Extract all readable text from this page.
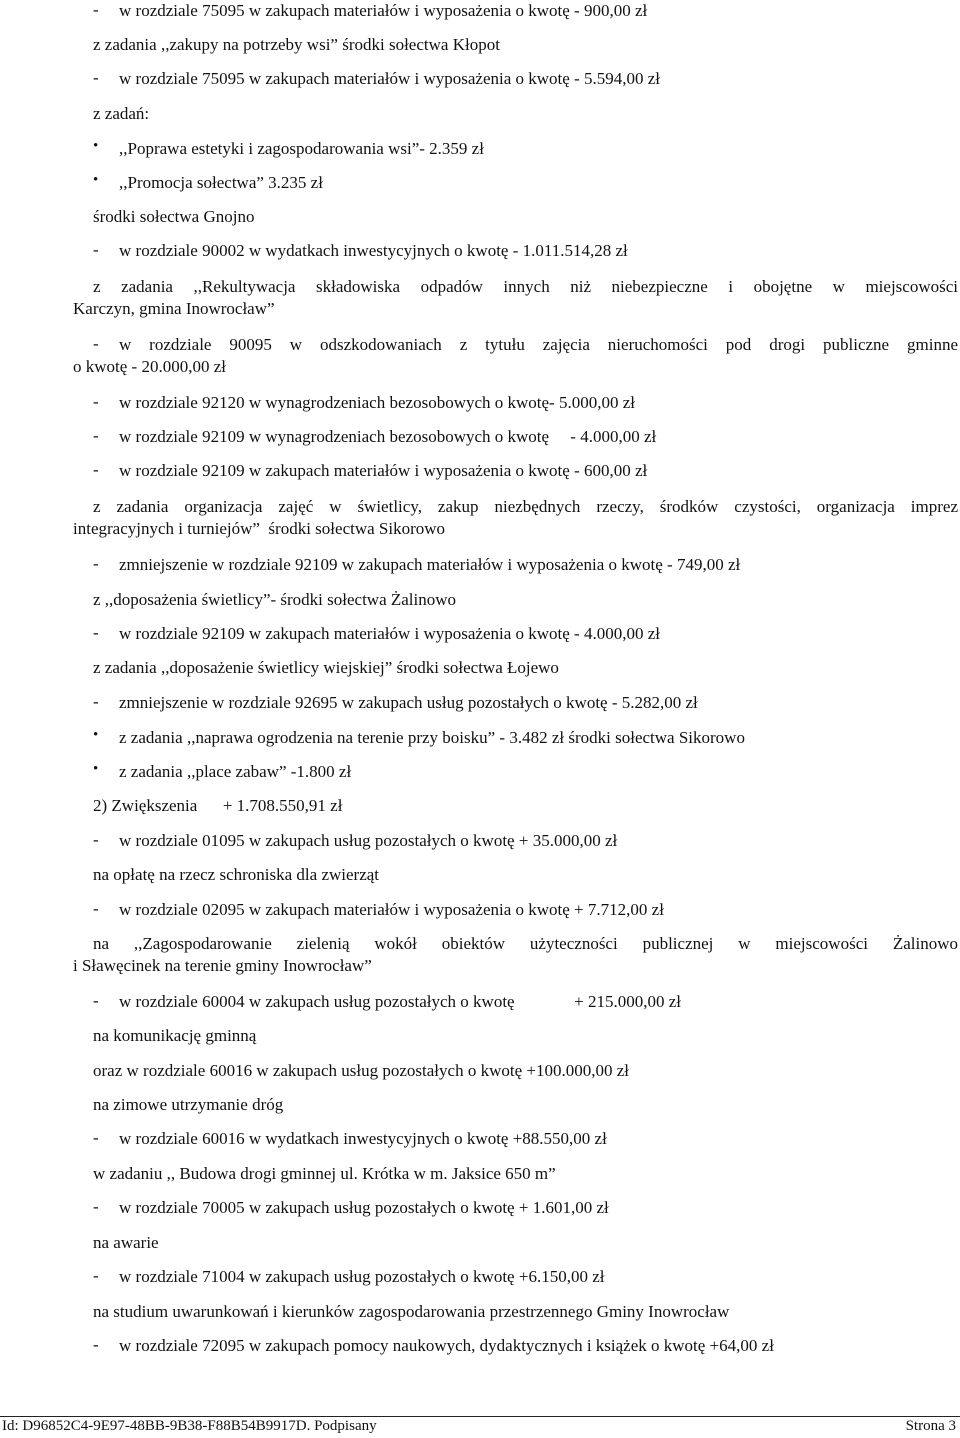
- w rozdziale 75095 w zakupach materiałów i wyposażenia o kwotę - 900,00 zł

z zadania ,,zakupy na potrzeby wsi” środki sołectwa Kłopot

- w rozdziale 75095 w zakupach materiałów i wyposażenia o kwotę - 5.594,00 zł

z zadań:

• ,,Poprawa estetyki i zagospodarowania wsi”- 2.359 zł

• ,,Promocja sołectwa” 3.235 zł

środki sołectwa Gnojno

- w rozdziale 90002 w wydatkach inwestycyjnych o kwotę - 1.011.514,28 zł

z zadania ,,Rekultywacja składowiska odpadów innych niż niebezpieczne i obojętne w miejscowości

Karczyn, gmina Inowrocław”

- w rozdziale 90095 w odszkodowaniach z tytułu zajęcia nieruchomości pod drogi publiczne gminne

o kwotę - 20.000,00 zł

- w rozdziale 92120 w wynagrodzeniach bezosobowych o kwotę- 5.000,00 zł

- w rozdziale 92109 w wynagrodzeniach bezosobowych o kwotę     - 4.000,00 zł

- w rozdziale 92109 w zakupach materiałów i wyposażenia o kwotę - 600,00 zł

z zadania organizacja zajęć w świetlicy, zakup niezbędnych rzeczy, środków czystości, organizacja imprez

integracyjnych i turniejów”  środki sołectwa Sikorowo

- zmniejszenie w rozdziale 92109 w zakupach materiałów i wyposażenia o kwotę - 749,00 zł

z ,,doposażenia świetlicy”- środki sołectwa Żalinowo

- w rozdziale 92109 w zakupach materiałów i wyposażenia o kwotę - 4.000,00 zł

z zadania ,,doposażenie świetlicy wiejskiej” środki sołectwa Łojewo

- zmniejszenie w rozdziale 92695 w zakupach usług pozostałych o kwotę - 5.282,00 zł

• z zadania ,,naprawa ogrodzenia na terenie przy boisku” - 3.482 zł środki sołectwa Sikorowo

• z zadania ,,place zabaw” -1.800 zł

2) Zwiększenia      + 1.708.550,91 zł

- w rozdziale 01095 w zakupach usług pozostałych o kwotę + 35.000,00 zł

na opłatę na rzecz schroniska dla zwierząt

- w rozdziale 02095 w zakupach materiałów i wyposażenia o kwotę + 7.712,00 zł

na ,,Zagospodarowanie zielenią wokół obiektów użyteczności publicznej w miejscowości Żalinowo

i Sławęcinek na terenie gminy Inowrocław”

- w rozdziale 60004 w zakupach usług pozostałych o kwotę              + 215.000,00 zł

na komunikację gminną

oraz w rozdziale 60016 w zakupach usług pozostałych o kwotę +100.000,00 zł

na zimowe utrzymanie dróg

- w rozdziale 60016 w wydatkach inwestycyjnych o kwotę +88.550,00 zł

w zadaniu ,, Budowa drogi gminnej ul. Krótka w m. Jaksice 650 m”

- w rozdziale 70005 w zakupach usług pozostałych o kwotę + 1.601,00 zł

na awarie

- w rozdziale 71004 w zakupach usług pozostałych o kwotę +6.150,00 zł

na studium uwarunkowań i kierunków zagospodarowania przestrzennego Gminy Inowrocław

- w rozdziale 72095 w zakupach pomocy naukowych, dydaktycznych i książek o kwotę +64,00 zł

Id: D96852C4-9E97-48BB-9B38-F88B54B9917D. Podpisany	Strona 3
